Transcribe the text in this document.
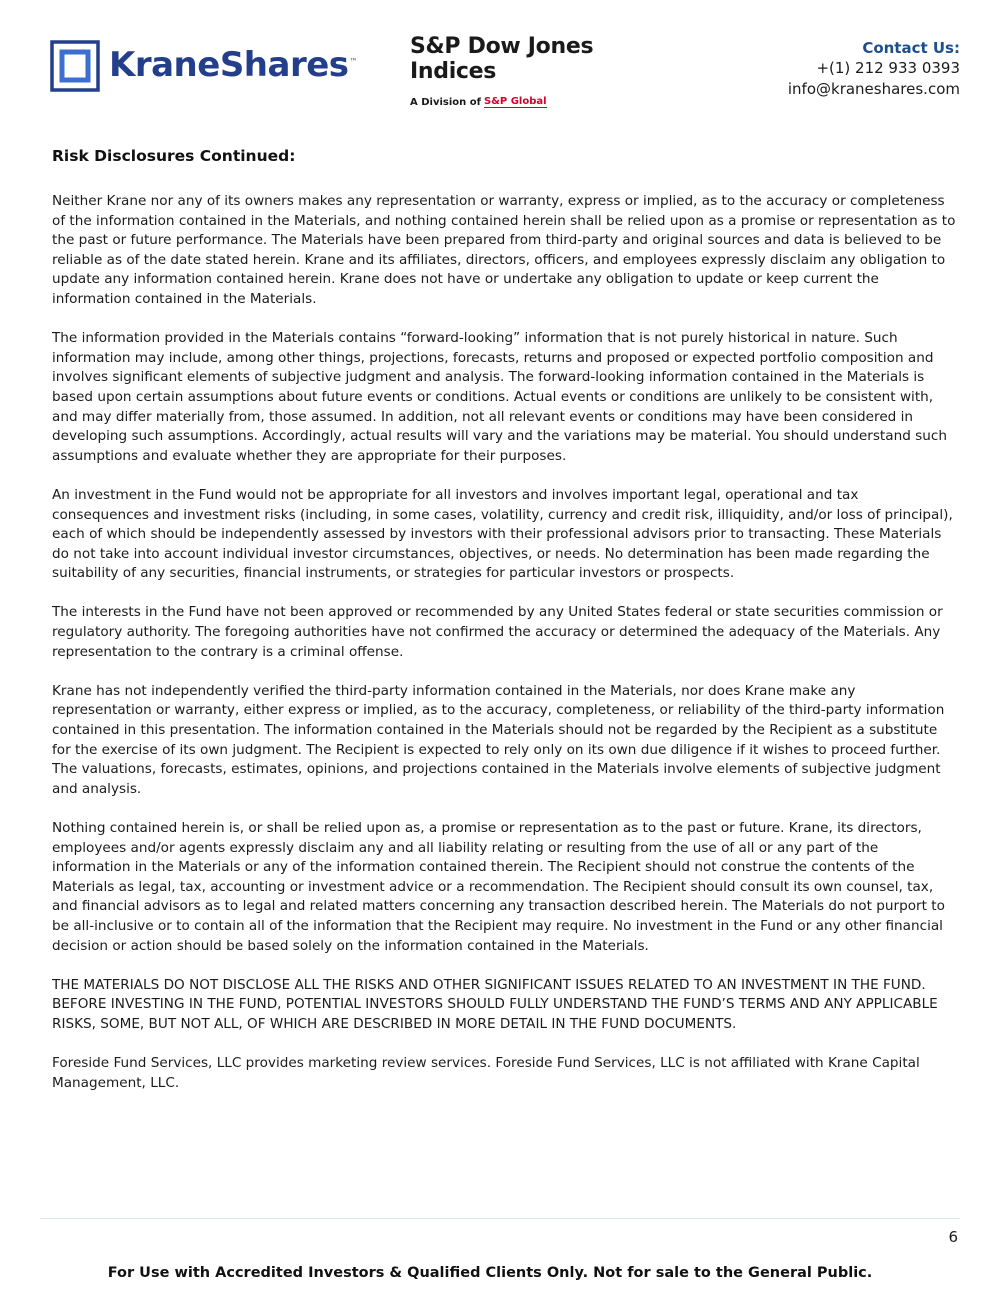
KraneShares™
S&P Dow Jones
Indices
A Division of S&P Global
Contact Us:
+(1) 212 933 0393
info@kraneshares.com
Risk Disclosures Continued:

Neither Krane nor any of its owners makes any representation or warranty, express or implied, as to the accuracy or completeness of the information contained in the Materials, and nothing contained herein shall be relied upon as a promise or representation as to the past or future performance. The Materials have been prepared from third-party and original sources and data is believed to be reliable as of the date stated herein. Krane and its affiliates, directors, officers, and employees expressly disclaim any obligation to update any information contained herein. Krane does not have or undertake any obligation to update or keep current the information contained in the Materials.

The information provided in the Materials contains “forward-looking” information that is not purely historical in nature. Such information may include, among other things, projections, forecasts, returns and proposed or expected portfolio composition and involves significant elements of subjective judgment and analysis. The forward-looking information contained in the Materials is based upon certain assumptions about future events or conditions. Actual events or conditions are unlikely to be consistent with, and may differ materially from, those assumed. In addition, not all relevant events or conditions may have been considered in developing such assumptions. Accordingly, actual results will vary and the variations may be material. You should understand such assumptions and evaluate whether they are appropriate for their purposes.

An investment in the Fund would not be appropriate for all investors and involves important legal, operational and tax consequences and investment risks (including, in some cases, volatility, currency and credit risk, illiquidity, and/or loss of principal), each of which should be independently assessed by investors with their professional advisors prior to transacting. These Materials do not take into account individual investor circumstances, objectives, or needs. No determination has been made regarding the suitability of any securities, financial instruments, or strategies for particular investors or prospects.

The interests in the Fund have not been approved or recommended by any United States federal or state securities commission or regulatory authority. The foregoing authorities have not confirmed the accuracy or determined the adequacy of the Materials. Any representation to the contrary is a criminal offense.

Krane has not independently verified the third-party information contained in the Materials, nor does Krane make any representation or warranty, either express or implied, as to the accuracy, completeness, or reliability of the third-party information contained in this presentation. The information contained in the Materials should not be regarded by the Recipient as a substitute for the exercise of its own judgment. The Recipient is expected to rely only on its own due diligence if it wishes to proceed further. The valuations, forecasts, estimates, opinions, and projections contained in the Materials involve elements of subjective judgment and analysis.

Nothing contained herein is, or shall be relied upon as, a promise or representation as to the past or future. Krane, its directors, employees and/or agents expressly disclaim any and all liability relating or resulting from the use of all or any part of the information in the Materials or any of the information contained therein. The Recipient should not construe the contents of the Materials as legal, tax, accounting or investment advice or a recommendation. The Recipient should consult its own counsel, tax, and financial advisors as to legal and related matters concerning any transaction described herein. The Materials do not purport to be all-inclusive or to contain all of the information that the Recipient may require. No investment in the Fund or any other financial decision or action should be based solely on the information contained in the Materials.

THE MATERIALS DO NOT DISCLOSE ALL THE RISKS AND OTHER SIGNIFICANT ISSUES RELATED TO AN INVESTMENT IN THE FUND. BEFORE INVESTING IN THE FUND, POTENTIAL INVESTORS SHOULD FULLY UNDERSTAND THE FUND’S TERMS AND ANY APPLICABLE RISKS, SOME, BUT NOT ALL, OF WHICH ARE DESCRIBED IN MORE DETAIL IN THE FUND DOCUMENTS.

Foreside Fund Services, LLC provides marketing review services. Foreside Fund Services, LLC is not affiliated with Krane Capital Management, LLC.

6
For Use with Accredited Investors & Qualified Clients Only. Not for sale to the General Public.
